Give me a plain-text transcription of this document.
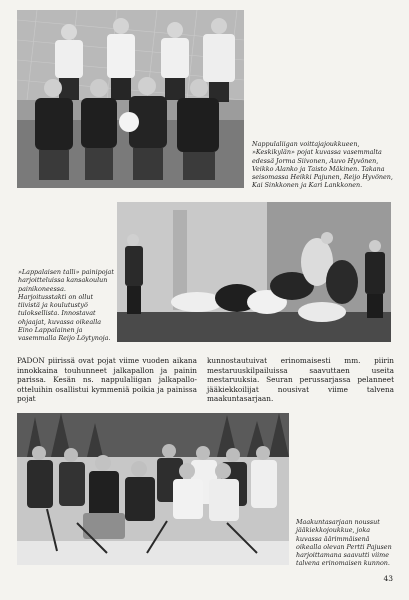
Nappulaliigan voittajajoukkueen, »Keskikylän» pojat kuvassa vasemmalta edessä Jorma Siivonen, Auvo Hyvönen, Veikko Alanko ja Taisto Mäkinen. Takana seisomassa Heikki Pajunen, Reijo Hyvönen, Kai Sinkkonen ja Kari Lankkonen.

»Lappalaisen talli» painipojat harjoitteluissa kansakoulun painikoneessa. Harjoitusstakti on ollut tiivistä ja koulutustyö tuloksellista. Innostavat ohjaajat, kuvassa oikealla Eino Lappalainen ja vasemmalla Reijo Löytynoja.

PADON piirissä ovat pojat viime vuoden aikana innokkaina touhunneet jalkapallon ja painin parissa. Kesän ns. nappulaliigan jalkapallo-otteluihin osallistui kymmeniä poikia ja painissa pojat

kunnostautuivat erinomaisesti mm. piirin mestaruuskilpailuissa saavuttaen useita mestaruuksia. Seuran perussarjassa pelanneet jääkiekkoilijat nousivat viime talvena maakuntasarjaan.

Maakuntasarjaan noussut jääkiekkojoukkue, joka kuvassa äärimmäisenä oikealla olevan Pertti Pajusen harjoittamana saavutti viime talvena erinomaisen kunnon.

43
